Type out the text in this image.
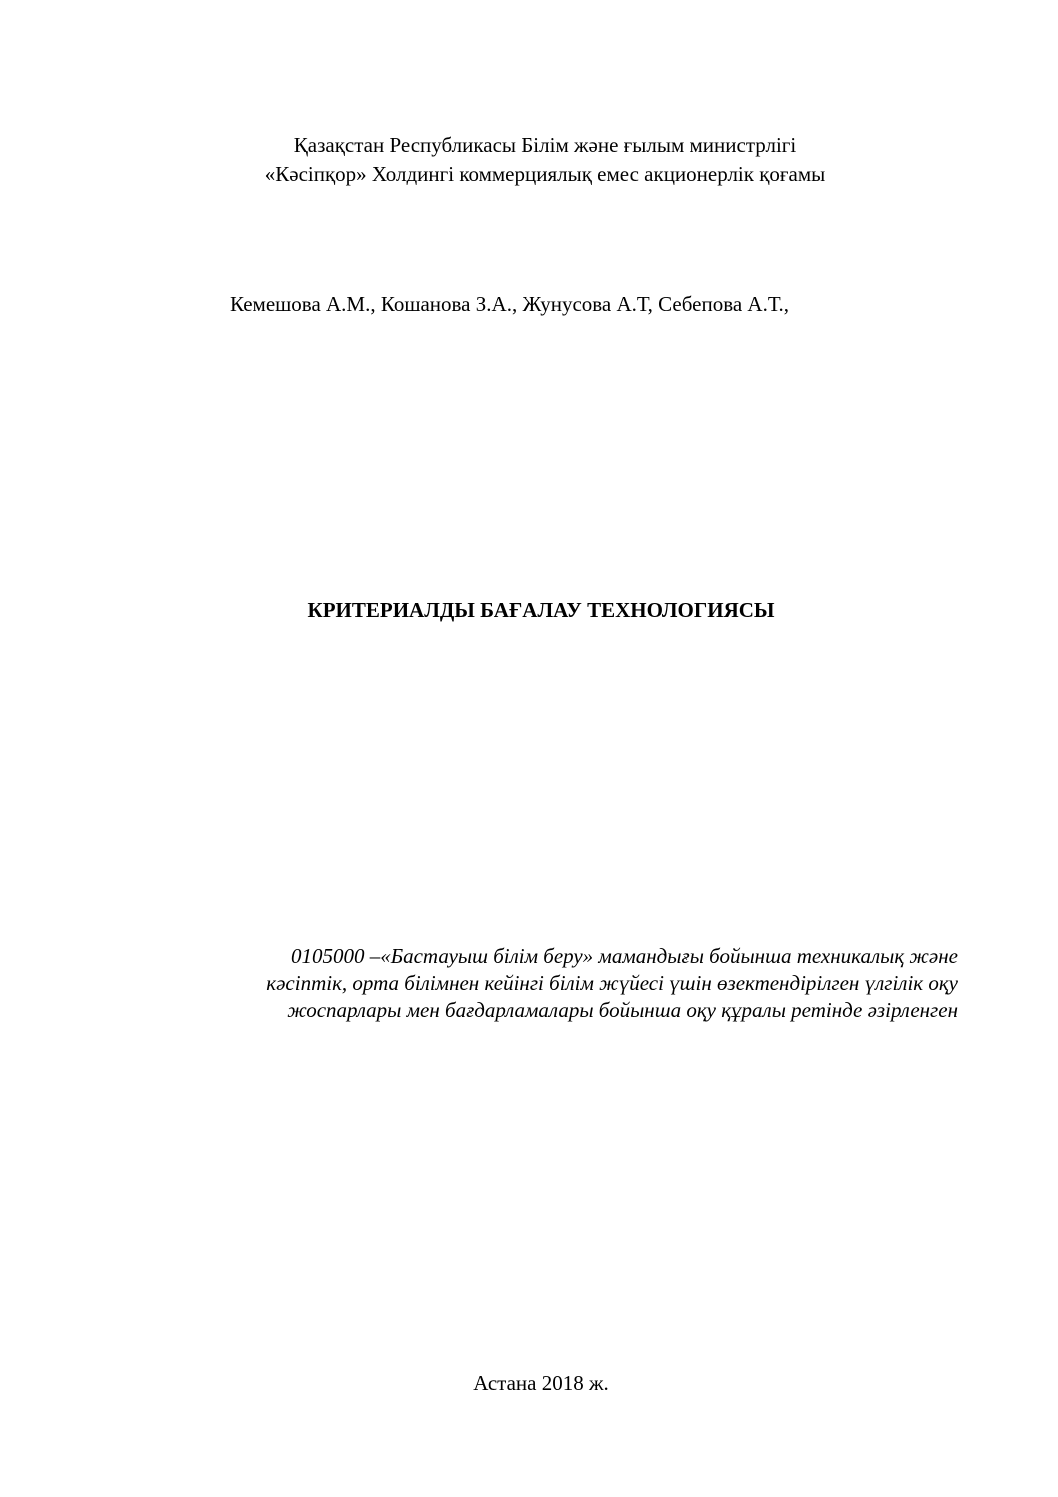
Қазақстан Республикасы Білім және ғылым министрлігі
«Кәсіпқор» Холдингі коммерциялық емес акционерлік қоғамы
Кемешова А.М., Кошанова З.А., Жунусова А.Т, Себепова А.Т.,
КРИТЕРИАЛДЫ БАҒАЛАУ ТЕХНОЛОГИЯСЫ
0105000 –«Бастауыш білім беру» мамандығы бойынша техникалық және
кәсіптік, орта білімнен кейінгі білім жүйесі үшін өзектендірілген үлгілік оқу
жоспарлары мен бағдарламалары бойынша оқу құралы ретінде әзірленген
Астана 2018 ж.
